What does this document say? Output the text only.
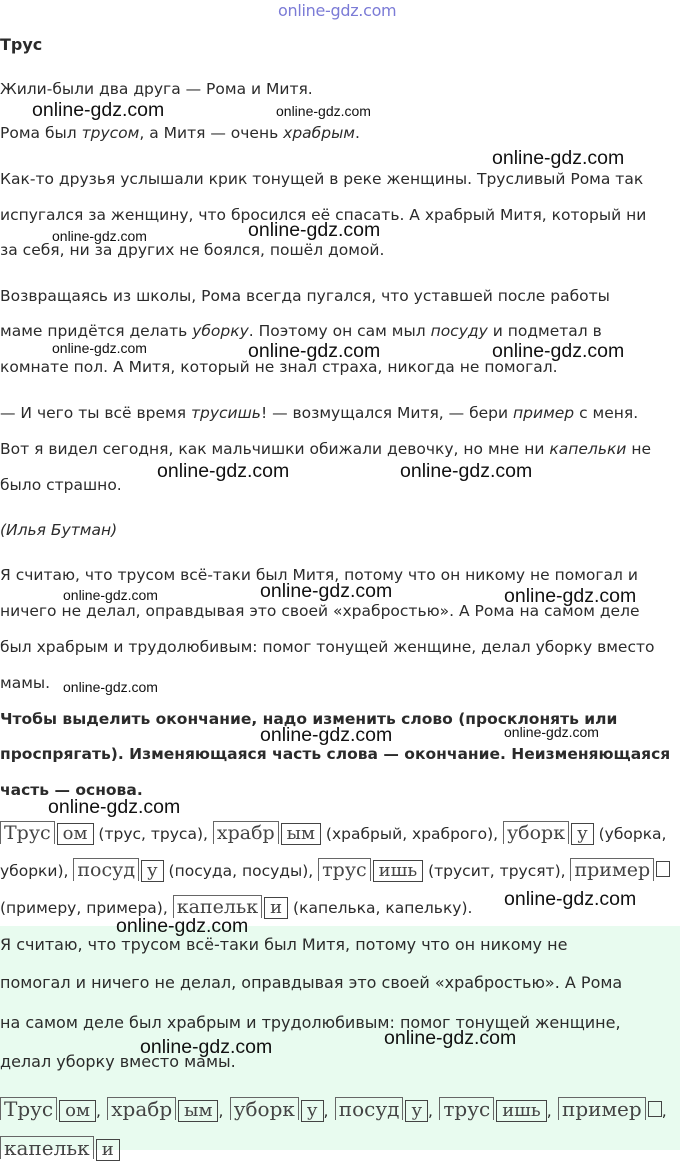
online-gdz.com
Трус
Жили-были два друга — Рома и Митя.
Рома был трусом, а Митя — очень храбрым.
Как-то друзья услышали крик тонущей в реке женщины. Трусливый Рома так
испугался за женщину, что бросился её спасать. А храбрый Митя, который ни
за себя, ни за других не боялся, пошёл домой.
Возвращаясь из школы, Рома всегда пугался, что уставшей после работы
маме придётся делать уборку. Поэтому он сам мыл посуду и подметал в
комнате пол. А Митя, который не знал страха, никогда не помогал.
— И чего ты всё время трусишь! — возмущался Митя, — бери пример с меня.
Вот я видел сегодня, как мальчишки обижали девочку, но мне ни капельки не
было страшно.
(Илья Бутман)
Я считаю, что трусом всё-таки был Митя, потому что он никому не помогал и
ничего не делал, оправдывая это своей «храбростью». А Рома на самом деле
был храбрым и трудолюбивым: помог тонущей женщине, делал уборку вместо
мамы.
Чтобы выделить окончание, надо изменить слово (просклонять или
проспрягать). Изменяющаяся часть слова — окончание. Неизменяющаяся
часть — основа.
Трус ом (трус, труса), храбр ым (храбрый, храброго), уборк у (уборка,
уборки), посуд у (посуда, посуды), трус ишь (трусит, трусят), пример
(примеру, примера), капельк и (капелька, капельку).
Я считаю, что трусом всё-таки был Митя, потому что он никому не
помогал и ничего не делал, оправдывая это своей «храбростью». А Рома
на самом деле был храбрым и трудолюбивым: помог тонущей женщине,
делал уборку вместо мамы.
Трус ом , храбр ым , уборк у , посуд у , трус ишь , пример ,
капельк и
online-gdz.com	online-gdz.com
online-gdz.com
online-gdz.com	online-gdz.com
online-gdz.com	online-gdz.com	online-gdz.com
online-gdz.com	online-gdz.com
online-gdz.com
online-gdz.com	online-gdz.com
online-gdz.com
online-gdz.com	online-gdz.com
online-gdz.com
online-gdz.com
online-gdz.com
online-gdz.com
online-gdz.com
